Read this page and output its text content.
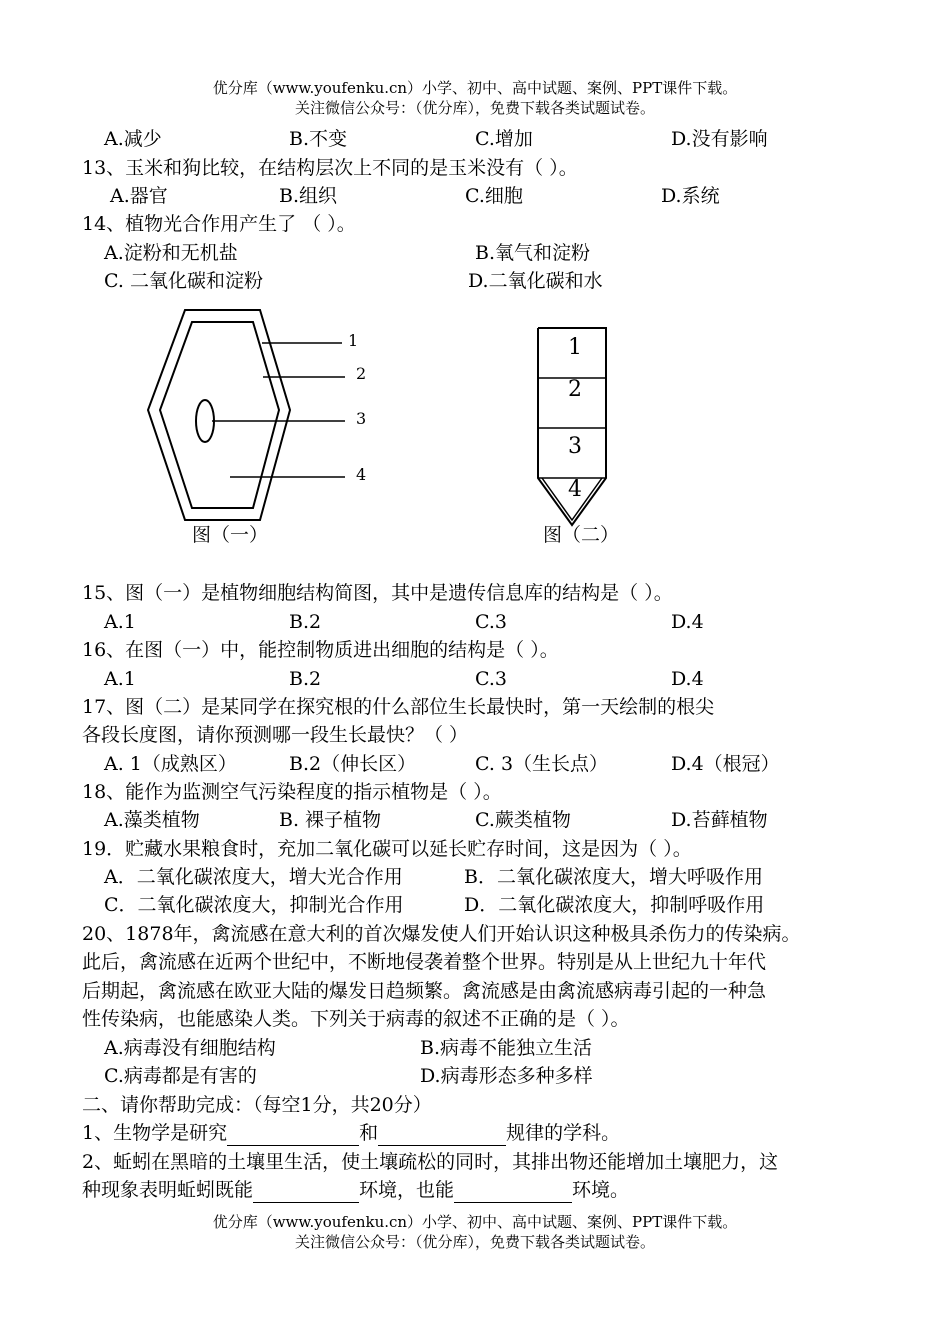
优分库（www.youfenku.cn）小学、初中、高中试题、案例、PPT课件下载。
关注微信公众号：（优分库），免费下载各类试题试卷。
A.减少	B.不变	C.增加	D.没有影响
13、玉米和狗比较，在结构层次上不同的是玉米没有（ ）。
A.器官	B.组织	C.细胞	D.系统
14、植物光合作用产生了 （ ）。
A.淀粉和无机盐	B.氧气和淀粉
C. 二氧化碳和淀粉	D.二氧化碳和水
1
2
3
4
图（一）
1
2
3
4
图（二）
15、图（一）是植物细胞结构简图，其中是遗传信息库的结构是（ ）。
A.1	B.2	C.3	D.4
16、在图（一）中，能控制物质进出细胞的结构是（ ）。
A.1	B.2	C.3	D.4
17、图（二）是某同学在探究根的什么部位生长最快时，第一天绘制的根尖
各段长度图，请你预测哪一段生长最快？（ ）
A. 1（成熟区）	B.2（伸长区）	C. 3（生长点）	D.4（根冠）
18、能作为监测空气污染程度的指示植物是（ ）。
A.藻类植物	B. 裸子植物	C.蕨类植物	D.苔藓植物
19．贮藏水果粮食时，充加二氧化碳可以延长贮存时间，这是因为（ ）。
A．二氧化碳浓度大，增大光合作用	B．二氧化碳浓度大，增大呼吸作用
C．二氧化碳浓度大，抑制光合作用	D．二氧化碳浓度大，抑制呼吸作用
20、1878年，禽流感在意大利的首次爆发使人们开始认识这种极具杀伤力的传染病。
此后，禽流感在近两个世纪中，不断地侵袭着整个世界。特别是从上世纪九十年代
后期起，禽流感在欧亚大陆的爆发日趋频繁。禽流感是由禽流感病毒引起的一种急
性传染病，也能感染人类。下列关于病毒的叙述不正确的是（ ）。
A.病毒没有细胞结构	B.病毒不能独立生活
C.病毒都是有害的	D.病毒形态多种多样
二、请你帮助完成：（每空1分，共20分）
1、生物学是研究	和	规律的学科。
2、蚯蚓在黑暗的土壤里生活，使土壤疏松的同时，其排出物还能增加土壤肥力，这
种现象表明蚯蚓既能	环境，也能	环境。
优分库（www.youfenku.cn）小学、初中、高中试题、案例、PPT课件下载。
关注微信公众号：（优分库），免费下载各类试题试卷。
